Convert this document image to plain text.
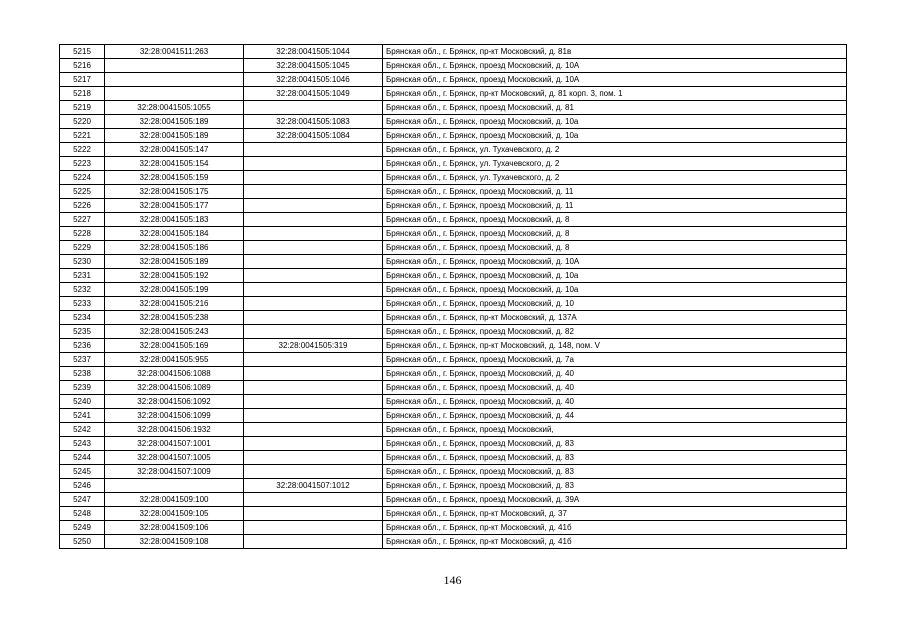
5215	32:28:0041511:263	32:28:0041505:1044	Брянская обл., г. Брянск, пр-кт Московский, д. 81в
5216		32:28:0041505:1045	Брянская обл., г. Брянск, проезд Московский, д. 10А
5217		32:28:0041505:1046	Брянская обл., г. Брянск, проезд Московский, д. 10А
5218		32:28:0041505:1049	Брянская обл., г. Брянск, пр-кт Московский, д. 81 корп. 3, пом. 1
5219	32:28:0041505:1055		Брянская обл., г. Брянск, проезд Московский, д. 81
5220	32:28:0041505:189	32:28:0041505:1083	Брянская обл., г. Брянск, проезд Московский, д. 10а
5221	32:28:0041505:189	32:28:0041505:1084	Брянская обл., г. Брянск, проезд Московский, д. 10а
5222	32:28:0041505:147		Брянская обл., г. Брянск, ул. Тухачевского, д. 2
5223	32:28:0041505:154		Брянская обл., г. Брянск, ул. Тухачевского, д. 2
5224	32:28:0041505:159		Брянская обл., г. Брянск, ул. Тухачевского, д. 2
5225	32:28:0041505:175		Брянская обл., г. Брянск, проезд Московский, д. 11
5226	32:28:0041505:177		Брянская обл., г. Брянск, проезд Московский, д. 11
5227	32:28:0041505:183		Брянская обл., г. Брянск, проезд Московский, д. 8
5228	32:28:0041505:184		Брянская обл., г. Брянск, проезд Московский, д. 8
5229	32:28:0041505:186		Брянская обл., г. Брянск, проезд Московский, д. 8
5230	32:28:0041505:189		Брянская обл., г. Брянск, проезд Московский, д. 10А
5231	32:28:0041505:192		Брянская обл., г. Брянск, проезд Московский, д. 10а
5232	32:28:0041505:199		Брянская обл., г. Брянск, проезд Московский, д. 10а
5233	32:28:0041505:216		Брянская обл., г. Брянск, проезд Московский, д. 10
5234	32:28:0041505:238		Брянская обл., г. Брянск, пр-кт Московский, д. 137А
5235	32:28:0041505:243		Брянская обл., г. Брянск, проезд Московский, д. 82
5236	32:28:0041505:169	32:28:0041505:319	Брянская обл., г. Брянск, пр-кт Московский, д. 148, пом. V
5237	32:28:0041505:955		Брянская обл., г. Брянск, проезд Московский, д. 7а
5238	32:28:0041506:1088		Брянская обл., г. Брянск, проезд Московский, д. 40
5239	32:28:0041506:1089		Брянская обл., г. Брянск, проезд Московский, д. 40
5240	32:28:0041506:1092		Брянская обл., г. Брянск, проезд Московский, д. 40
5241	32:28:0041506:1099		Брянская обл., г. Брянск, проезд Московский, д. 44
5242	32:28:0041506:1932		Брянская обл., г. Брянск, проезд Московский,
5243	32:28:0041507:1001		Брянская обл., г. Брянск, проезд Московский, д. 83
5244	32:28:0041507:1005		Брянская обл., г. Брянск, проезд Московский, д. 83
5245	32:28:0041507:1009		Брянская обл., г. Брянск, проезд Московский, д. 83
5246		32:28:0041507:1012	Брянская обл., г. Брянск, проезд Московский, д. 83
5247	32:28:0041509:100		Брянская обл., г. Брянск, проезд Московский, д. 39А
5248	32:28:0041509:105		Брянская обл., г. Брянск, пр-кт Московский, д. 37
5249	32:28:0041509:106		Брянская обл., г. Брянск, пр-кт Московский, д. 41б
5250	32:28:0041509:108		Брянская обл., г. Брянск, пр-кт Московский, д. 41б
146
